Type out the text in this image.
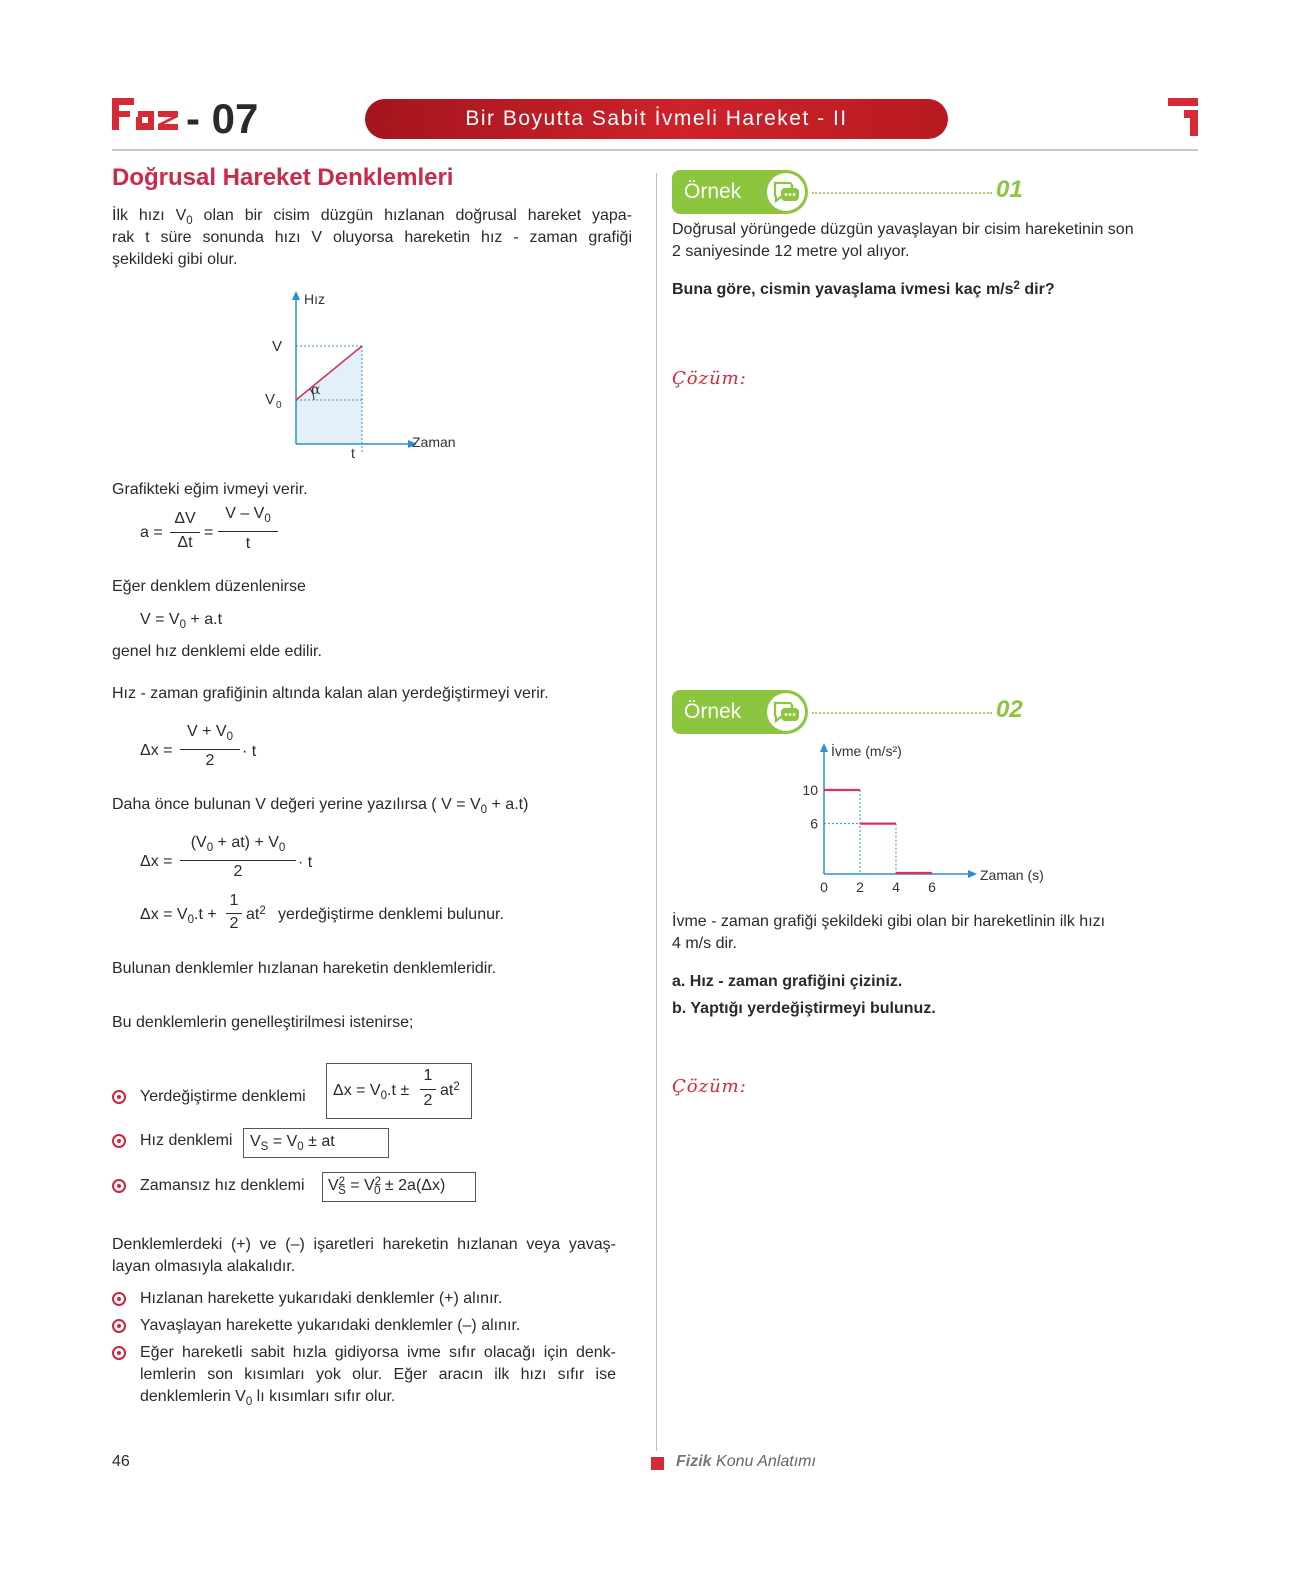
- 07	Bir Boyutta Sabit İvmeli Hareket - II
Doğrusal Hareket Denklemleri
İlk hızı $V_0$ olan bir cisim düzgün hızlanan doğrusal hareket yapa-
rak t süre sonunda hızı V oluyorsa hareketin hız - zaman grafiği
şekildeki gibi olur.
Hız
Zaman
V
V 0
t
α
Grafikteki eğim ivmeyi verir.
a =
ΔV
Δt
=
V – $V_0$
t
Eğer denklem düzenlenirse
$V = V_0 + a.t$
genel hız denklemi elde edilir.
Hız - zaman grafiğinin altında kalan alan yerdeğiştirmeyi verir.
Δx =
$V + V_0$
2
· t
Daha önce bulunan V değeri yerine yazılırsa ( $V = V_0 + a.t$)
Δx =
$(V_0 + at) + V_0$
2
· t
$\Delta x = V_0.t$ +
1
2
$at^2$ yerdeğiştirme denklemi bulunur.
Bulunan denklemler hızlanan hareketin denklemleridir.
Bu denklemlerin genelleştirilmesi istenirse;
Yerdeğiştirme denklemi $\Delta x = V_0.t$ ±
1
2
$at^2$
Hız denklemi $V_S = V_0$ ± at
Zamansız hız denklemi $V^2_S = V^2_0 \pm 2a(\Delta x)$
Denklemlerdeki (+) ve (–) işaretleri hareketin hızlanan veya yavaş-
layan olmasıyla alakalıdır.
Hızlanan harekette yukarıdaki denklemler (+) alınır.
Yavaşlayan harekette yukarıdaki denklemler (–) alınır.
Eğer hareketli sabit hızla gidiyorsa ivme sıfır olacağı için denk-
lemlerin son kısımları yok olur. Eğer aracın ilk hızı sıfır ise
denklemlerin $V_0$ lı kısımları sıfır olur.
Örnek	01
Doğrusal yörüngede düzgün yavaşlayan bir cisim hareketinin son
2 saniyesinde 12 metre yol alıyor.
Buna göre, cismin yavaşlama ivmesi kaç $m/s^2$ dir?
Çözüm:
Örnek	02
0 2 4 6
6
10
İvme (m/s²)
Zaman (s)
İvme - zaman grafiği şekildeki gibi olan bir hareketlinin ilk hızı
4 m/s dir.
a. Hız - zaman grafiğini çiziniz.
b. Yaptığı yerdeğiştirmeyi bulunuz.
Çözüm:
46	Fizik Konu Anlatımı
